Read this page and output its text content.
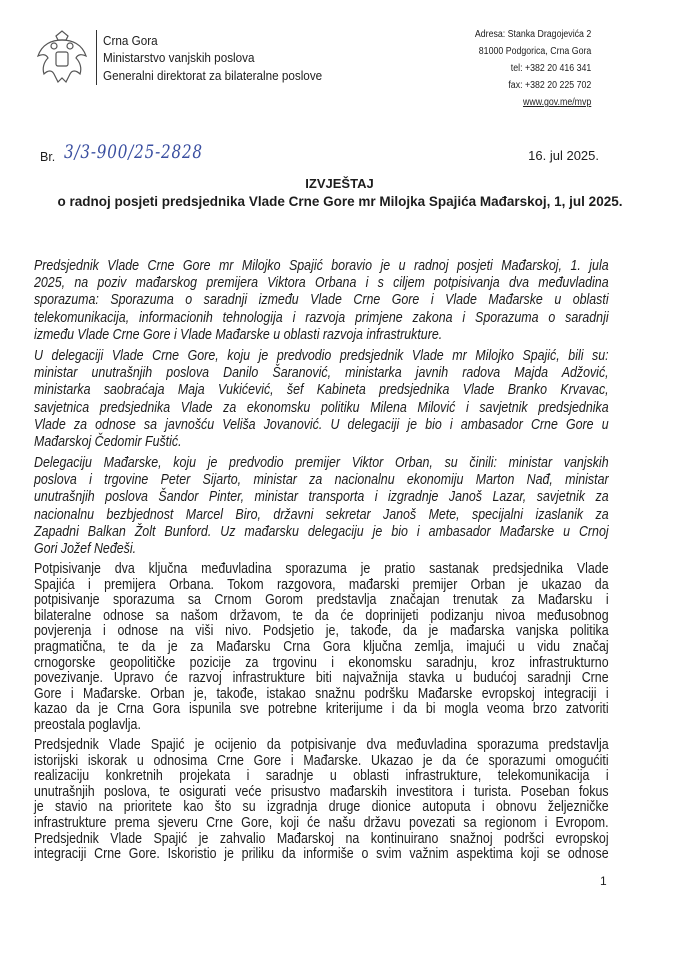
Crna Gora
Ministarstvo vanjskih poslova
Generalni direktorat za bilateralne poslove
Adresa: Stanka Dragojevića 2
81000 Podgorica, Crna Gora
tel: +382 20 416 341
fax: +382 20 225 702
www.gov.me/mvp
Br. 3/3-900/25-2828	16. jul 2025.
IZVJEŠTAJ
o radnoj posjeti predsjednika Vlade Crne Gore mr Milojka Spajića Mađarskoj, 1, jul 2025.
Predsjednik Vlade Crne Gore mr Milojko Spajić boravio je u radnoj posjeti Mađarskoj, 1. jula
2025, na poziv mađarskog premijera Viktora Orbana i s ciljem potpisivanja dva međuvladina
sporazuma: Sporazuma o saradnji između Vlade Crne Gore i Vlade Mađarske u oblasti
telekomunikacija, informacionih tehnologija i razvoja primjene zakona i Sporazuma o saradnji
između Vlade Crne Gore i Vlade Mađarske u oblasti razvoja infrastrukture.
U delegaciji Vlade Crne Gore, koju je predvodio predsjednik Vlade mr Milojko Spajić, bili su:
ministar unutrašnjih poslova Danilo Šaranović, ministarka javnih radova Majda Adžović,
ministarka saobraćaja Maja Vukićević, šef Kabineta predsjednika Vlade Branko Krvavac,
savjetnica predsjednika Vlade za ekonomsku politiku Milena Milović i savjetnik predsjednika
Vlade za odnose sa javnošću Veliša Jovanović. U delegaciji je bio i ambasador Crne Gore u
Mađarskoj Čedomir Fuštić.
Delegaciju Mađarske, koju je predvodio premijer Viktor Orban, su činili: ministar vanjskih
poslova i trgovine Peter Sijarto, ministar za nacionalnu ekonomiju Marton Nađ, ministar
unutrašnjih poslova Šandor Pinter, ministar transporta i izgradnje Janoš Lazar, savjetnik za
nacionalnu bezbjednost Marcel Biro, državni sekretar Janoš Mete, specijalni izaslanik za
Zapadni Balkan Žolt Bunford. Uz mađarsku delegaciju je bio i ambasador Mađarske u Crnoj
Gori Jožef Neđeši.
Potpisivanje dva ključna međuvladina sporazuma je pratio sastanak predsjednika Vlade
Spajića i premijera Orbana. Tokom razgovora, mađarski premijer Orban je ukazao da
potpisivanje sporazuma sa Crnom Gorom predstavlja značajan trenutak za Mađarsku i
bilateralne odnose sa našom državom, te da će doprinijeti podizanju nivoa međusobnog
povjerenja i odnose na viši nivo. Podsjetio je, takođe, da je mađarska vanjska politika
pragmatična, te da je za Mađarsku Crna Gora ključna zemlja, imajući u vidu značaj
crnogorske geopolitičke pozicije za trgovinu i ekonomsku saradnju, kroz infrastrukturno
povezivanje. Upravo će razvoj infrastrukture biti najvažnija stavka u budućoj saradnji Crne
Gore i Mađarske. Orban je, takođe, istakao snažnu podršku Mađarske evropskoj integraciji i
kazao da je Crna Gora ispunila sve potrebne kriterijume i da bi mogla veoma brzo zatvoriti
preostala poglavlja.
Predsjednik Vlade Spajić je ocijenio da potpisivanje dva međuvladina sporazuma predstavlja
istorijski iskorak u odnosima Crne Gore i Mađarske. Ukazao je da će sporazumi omogućiti
realizaciju konkretnih projekata i saradnje u oblasti infrastrukture, telekomunikacija i
unutrašnjih poslova, te osigurati veće prisustvo mađarskih investitora i turista. Poseban fokus
je stavio na prioritete kao što su izgradnja druge dionice autoputa i obnovu željezničke
infrastrukture prema sjeveru Crne Gore, koji će našu državu povezati sa regionom i Evropom.
Predsjednik Vlade Spajić je zahvalio Mađarskoj na kontinuirano snažnoj podršci evropskoj
integraciji Crne Gore. Iskoristio je priliku da informiše o svim važnim aspektima koji se odnose
1
